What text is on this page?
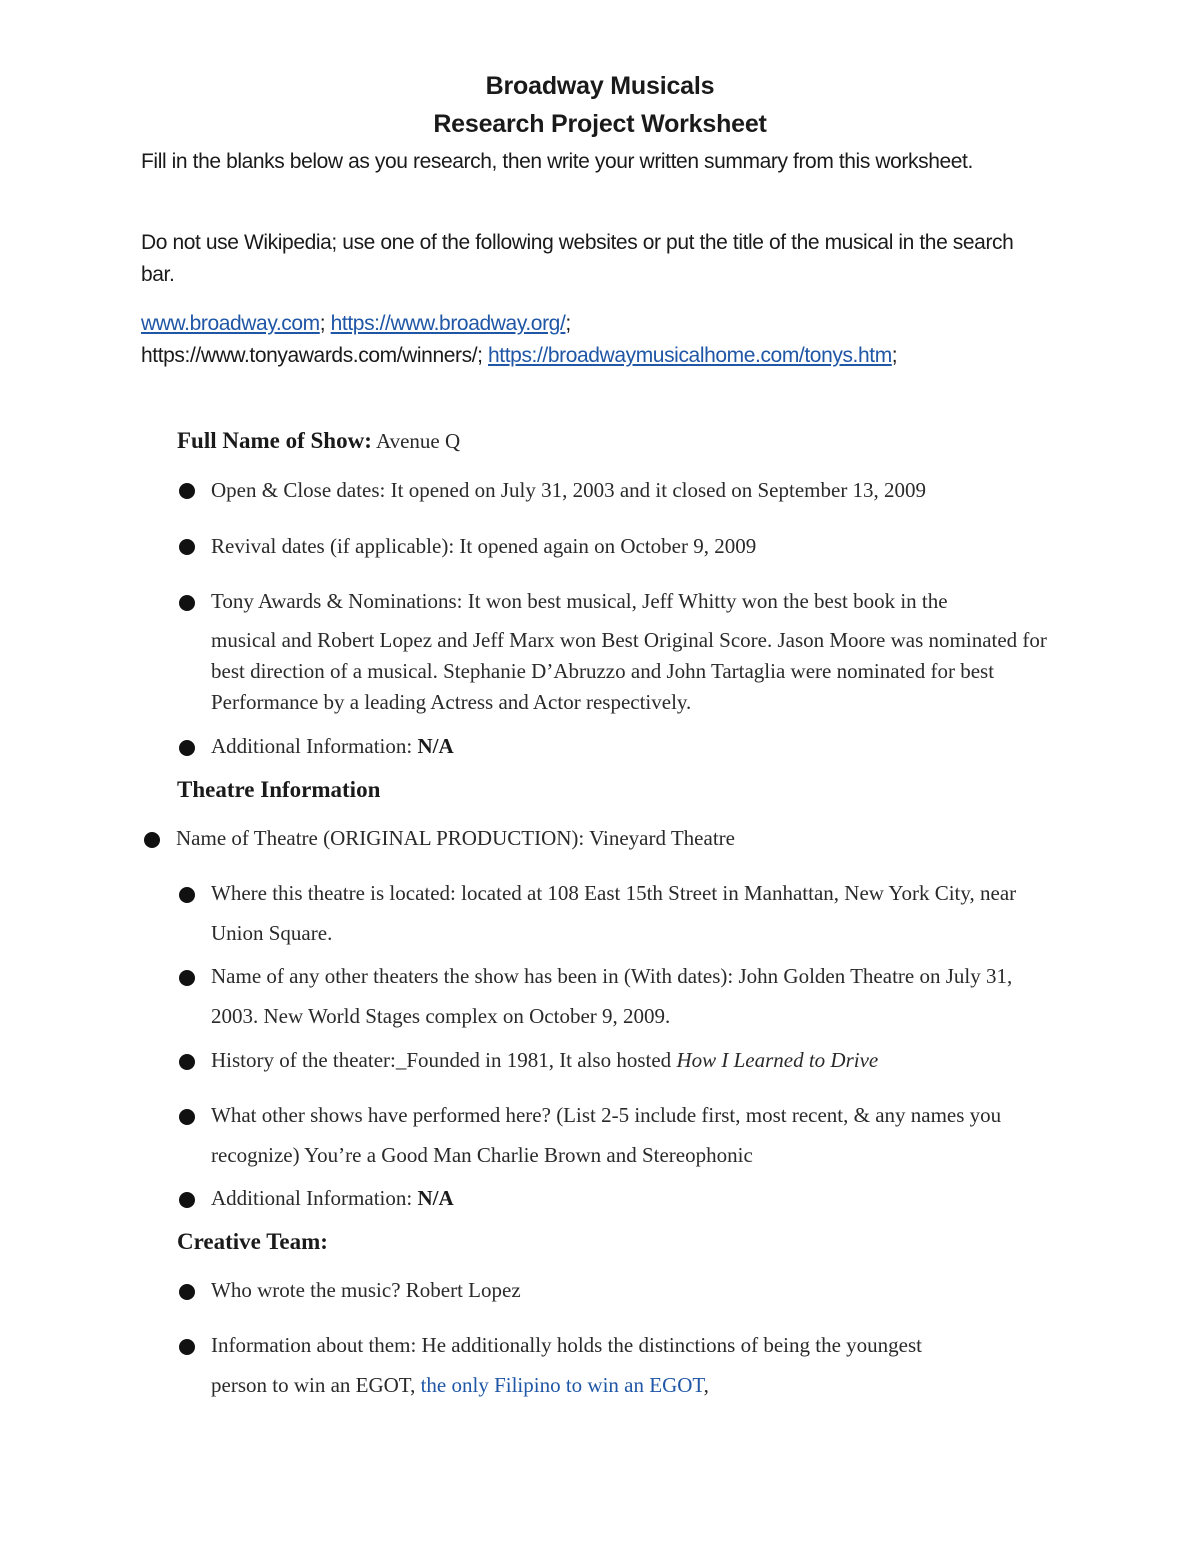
Broadway Musicals
Research Project Worksheet
Fill in the blanks below as you research, then write your written summary from this worksheet.
Do not use Wikipedia; use one of the following websites or put the title of the musical in the search bar.
www.broadway.com; https://www.broadway.org/;
https://www.tonyawards.com/winners/; https://broadwaymusicalhome.com/tonys.htm;
Full Name of Show: Avenue Q
Open & Close dates: It opened on July 31, 2003 and it closed on September 13, 2009
Revival dates (if applicable): It opened again on October 9, 2009
Tony Awards & Nominations: It won best musical, Jeff Whitty won the best book in the
musical and Robert Lopez and Jeff Marx won Best Original Score. Jason Moore was nominated for best direction of a musical. Stephanie D’Abruzzo and John Tartaglia were nominated for best Performance by a leading Actress and Actor respectively.
Additional Information: N/A
Theatre Information
Name of Theatre (ORIGINAL PRODUCTION): Vineyard Theatre
Where this theatre is located: located at 108 East 15th Street in Manhattan, New York City, near Union Square.
Name of any other theaters the show has been in (With dates): John Golden Theatre on July 31, 2003. New World Stages complex on October 9, 2009.
History of the theater:_Founded in 1981, It also hosted How I Learned to Drive
What other shows have performed here? (List 2-5 include first, most recent, & any names you recognize) You’re a Good Man Charlie Brown and Stereophonic
Additional Information: N/A
Creative Team:
Who wrote the music? Robert Lopez
Information about them: He additionally holds the distinctions of being the youngest
person to win an EGOT, the only Filipino to win an EGOT,
